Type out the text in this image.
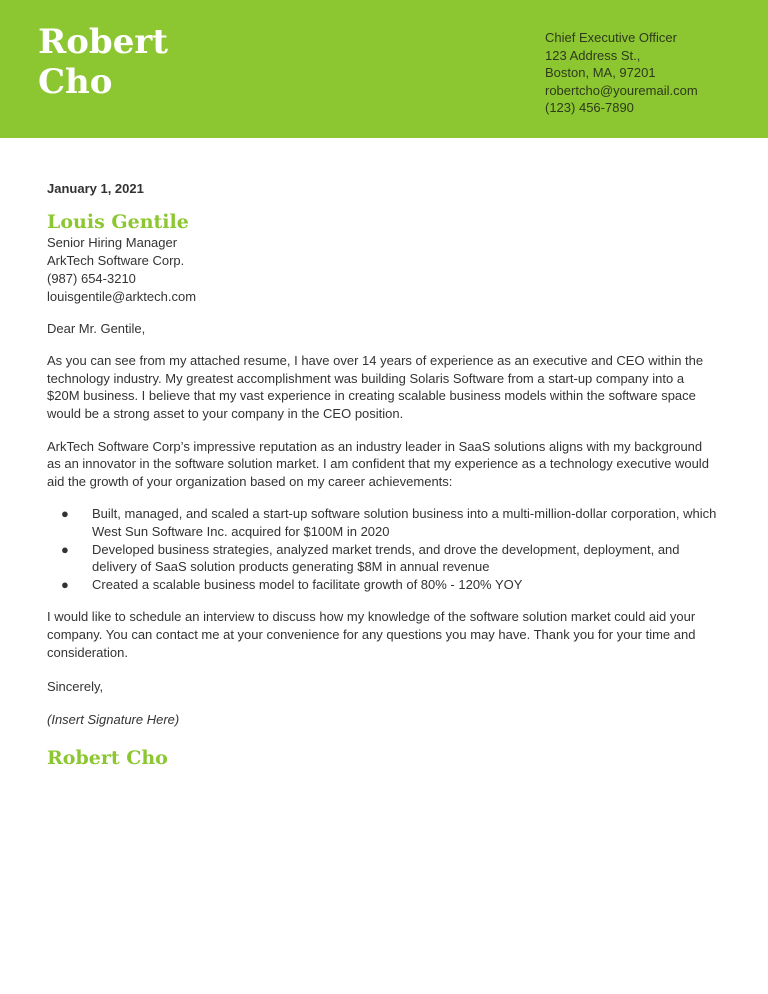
Robert
Cho
Chief Executive Officer
123 Address St.,
Boston, MA, 97201
robertcho@youremail.com
(123) 456-7890
January 1, 2021
Louis Gentile
Senior Hiring Manager
ArkTech Software Corp.
(987) 654-3210
louisgentile@arktech.com

Dear Mr. Gentile,

As you can see from my attached resume, I have over 14 years of experience as an executive and CEO within the technology industry. My greatest accomplishment was building Solaris Software from a start-up company into a $20M business. I believe that my vast experience in creating scalable business models within the software space would be a strong asset to your company in the CEO position.

ArkTech Software Corp’s impressive reputation as an industry leader in SaaS solutions aligns with my background as an innovator in the software solution market. I am confident that my experience as a technology executive would aid the growth of your organization based on my career achievements:

● Built, managed, and scaled a start-up software solution business into a multi-million-dollar corporation, which West Sun Software Inc. acquired for $100M in 2020
● Developed business strategies, analyzed market trends, and drove the development, deployment, and delivery of SaaS solution products generating $8M in annual revenue
● Created a scalable business model to facilitate growth of 80% - 120% YOY

I would like to schedule an interview to discuss how my knowledge of the software solution market could aid your company. You can contact me at your convenience for any questions you may have. Thank you for your time and consideration.

Sincerely,

(Insert Signature Here)

Robert Cho
